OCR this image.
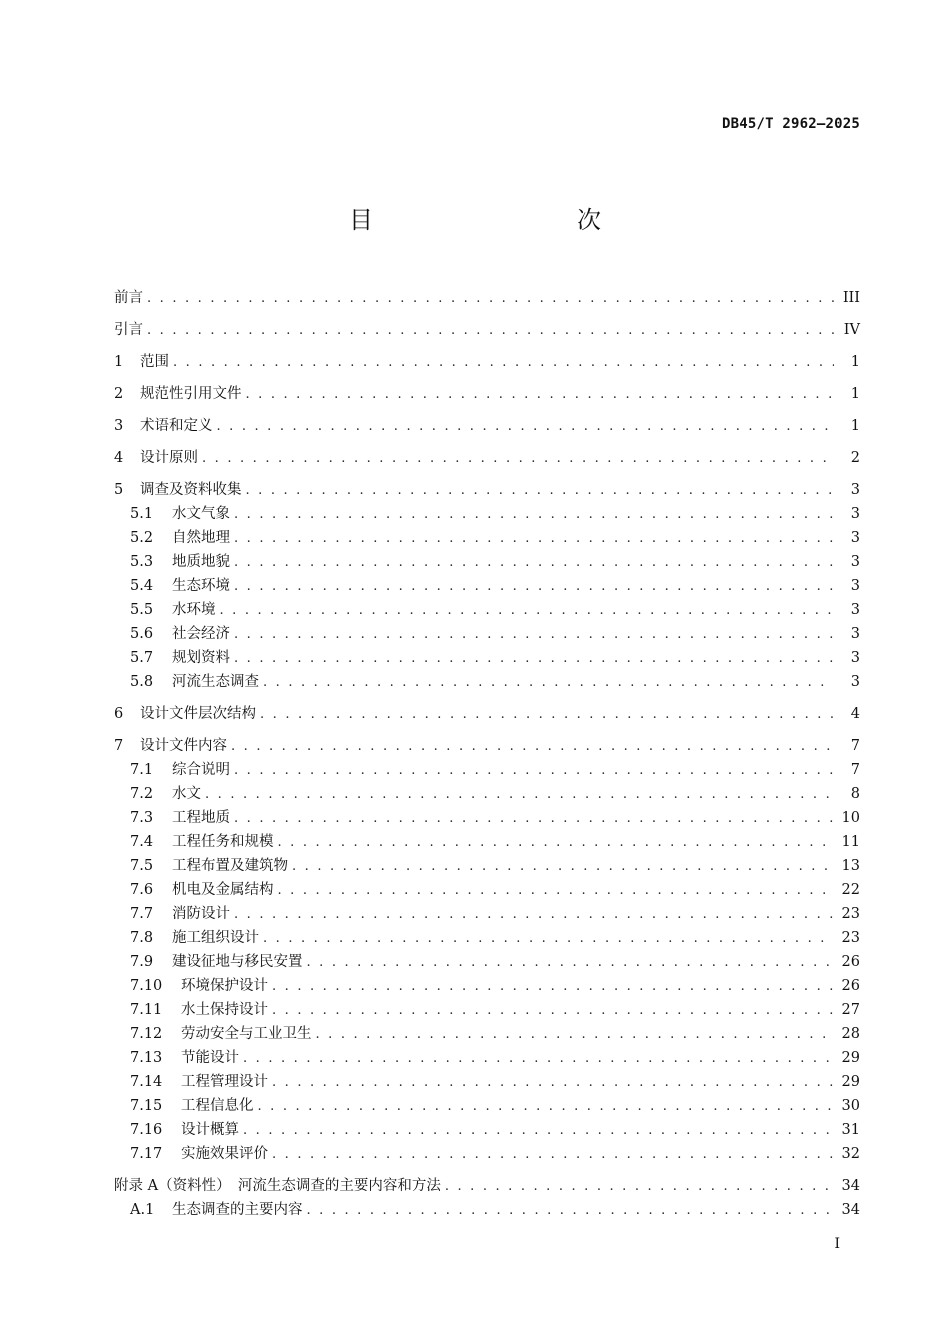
DB45/T 2962—2025
目　　次
前言 . . .	III
引言 . . .	IV
1	范围 . . .	1
2	规范性引用文件 . . .	1
3	术语和定义 . . .	1
4	设计原则 . . .	2
5	调查及资料收集 . . .	3
5.1	水文气象 . . .	3
5.2	自然地理 . . .	3
5.3	地质地貌 . . .	3
5.4	生态环境 . . .	3
5.5	水环境 . . .	3
5.6	社会经济 . . .	3
5.7	规划资料 . . .	3
5.8	河流生态调查 . . .	3
6	设计文件层次结构 . . .	4
7	设计文件内容 . . .	7
7.1	综合说明 . . .	7
7.2	水文 . . .	8
7.3	工程地质 . . .	10
7.4	工程任务和规模 . . .	11
7.5	工程布置及建筑物 . . .	13
7.6	机电及金属结构 . . .	22
7.7	消防设计 . . .	23
7.8	施工组织设计 . . .	23
7.9	建设征地与移民安置 . . .	26
7.10	环境保护设计 . . .	26
7.11	水土保持设计 . . .	27
7.12	劳动安全与工业卫生 . . .	28
7.13	节能设计 . . .	29
7.14	工程管理设计 . . .	29
7.15	工程信息化 . . .	30
7.16	设计概算 . . .	31
7.17	实施效果评价 . . .	32
附录 A（资料性）　河流生态调查的主要内容和方法 . . .	34
A.1	生态调查的主要内容 . . .	34
I
